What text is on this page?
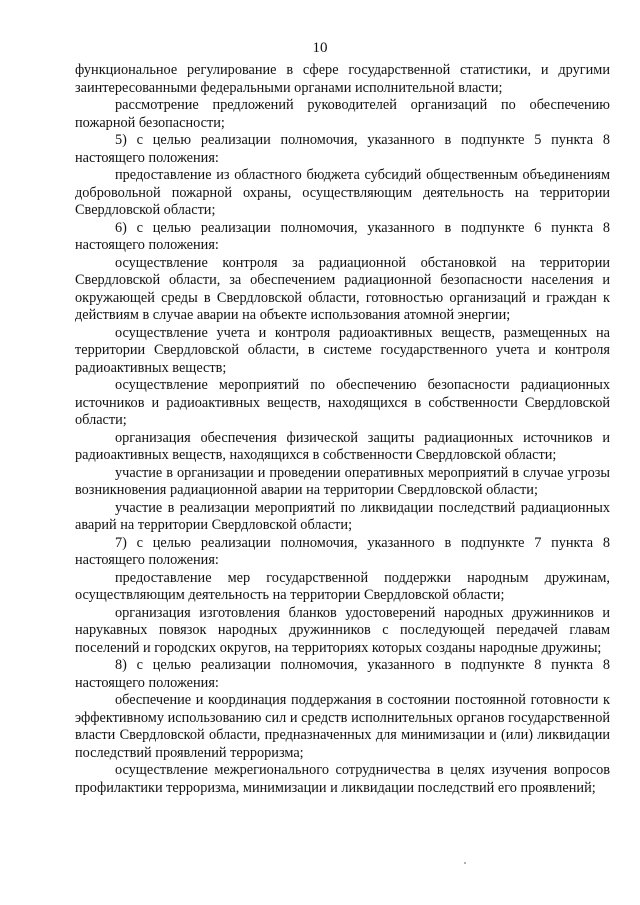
10

функциональное регулирование в сфере государственной статистики, и другими заинтересованными федеральными органами исполнительной власти;

рассмотрение предложений руководителей организаций по обеспечению пожарной безопасности;

5) с целью реализации полномочия, указанного в подпункте 5 пункта 8 настоящего положения:

предоставление из областного бюджета субсидий общественным объединениям добровольной пожарной охраны, осуществляющим деятельность на территории Свердловской области;

6) с целью реализации полномочия, указанного в подпункте 6 пункта 8 настоящего положения:

осуществление контроля за радиационной обстановкой на территории Свердловской области, за обеспечением радиационной безопасности населения и окружающей среды в Свердловской области, готовностью организаций и граждан к действиям в случае аварии на объекте использования атомной энергии;

осуществление учета и контроля радиоактивных веществ, размещенных на территории Свердловской области, в системе государственного учета и контроля радиоактивных веществ;

осуществление мероприятий по обеспечению безопасности радиационных источников и радиоактивных веществ, находящихся в собственности Свердловской области;

организация обеспечения физической защиты радиационных источников и радиоактивных веществ, находящихся в собственности Свердловской области;

участие в организации и проведении оперативных мероприятий в случае угрозы возникновения радиационной аварии на территории Свердловской области;

участие в реализации мероприятий по ликвидации последствий радиационных аварий на территории Свердловской области;

7) с целью реализации полномочия, указанного в подпункте 7 пункта 8 настоящего положения:

предоставление мер государственной поддержки народным дружинам, осуществляющим деятельность на территории Свердловской области;

организация изготовления бланков удостоверений народных дружинников и нарукавных повязок народных дружинников с последующей передачей главам поселений и городских округов, на территориях которых созданы народные дружины;

8) с целью реализации полномочия, указанного в подпункте 8 пункта 8 настоящего положения:

обеспечение и координация поддержания в состоянии постоянной готовности к эффективному использованию сил и средств исполнительных органов государственной власти Свердловской области, предназначенных для минимизации и (или) ликвидации последствий проявлений терроризма;

осуществление межрегионального сотрудничества в целях изучения вопросов профилактики терроризма, минимизации и ликвидации последствий его проявлений;
